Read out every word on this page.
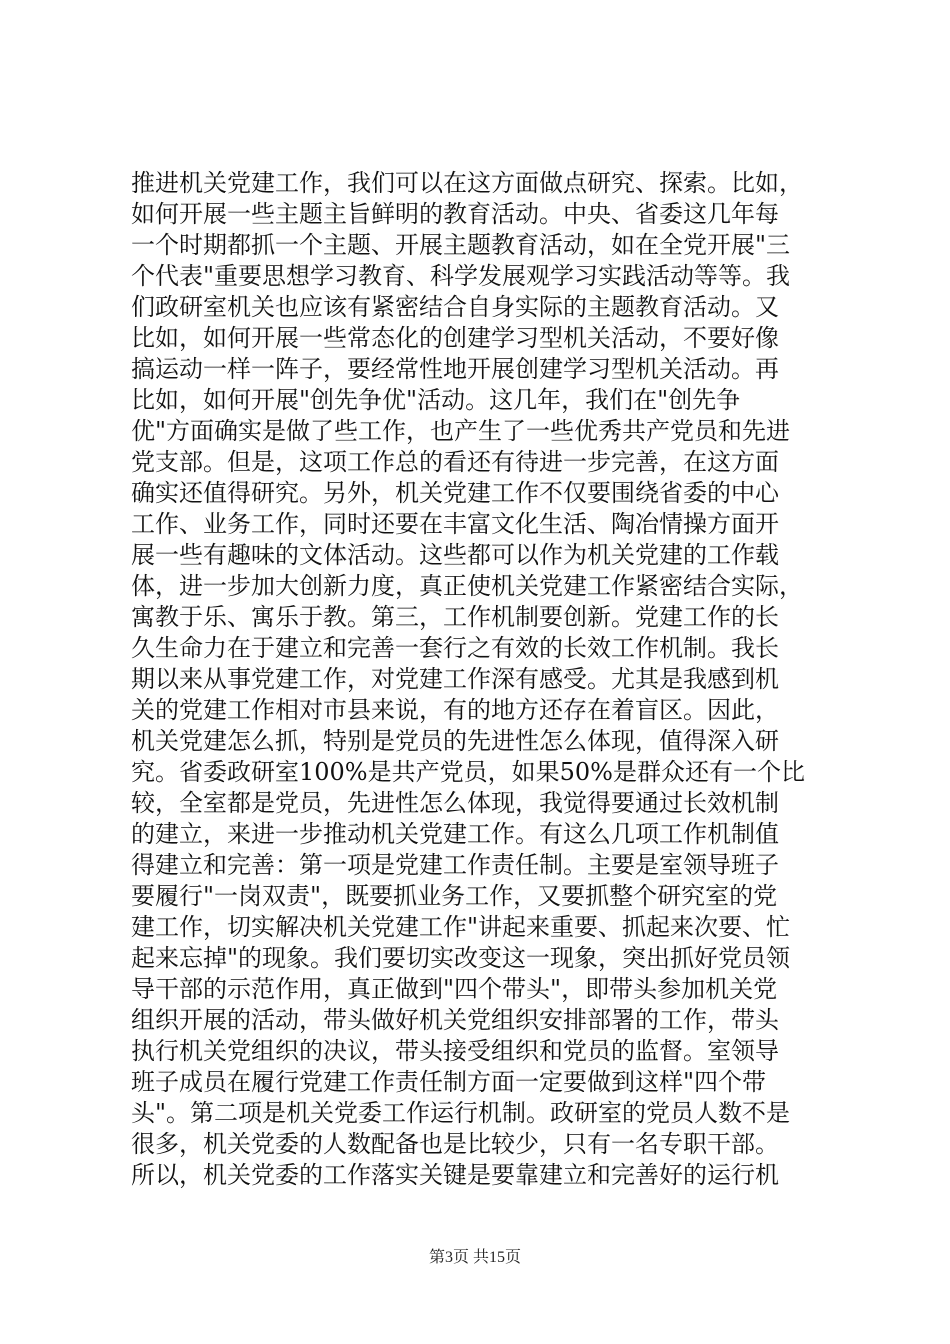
推进机关党建工作，我们可以在这方面做点研究、探索。比如，
如何开展一些主题主旨鲜明的教育活动。中央、省委这几年每
一个时期都抓一个主题、开展主题教育活动，如在全党开展"三
个代表"重要思想学习教育、科学发展观学习实践活动等等。我
们政研室机关也应该有紧密结合自身实际的主题教育活动。又
比如，如何开展一些常态化的创建学习型机关活动，不要好像
搞运动一样一阵子，要经常性地开展创建学习型机关活动。再
比如，如何开展"创先争优"活动。这几年，我们在"创先争
优"方面确实是做了些工作，也产生了一些优秀共产党员和先进
党支部。但是，这项工作总的看还有待进一步完善，在这方面
确实还值得研究。另外，机关党建工作不仅要围绕省委的中心
工作、业务工作，同时还要在丰富文化生活、陶冶情操方面开
展一些有趣味的文体活动。这些都可以作为机关党建的工作载
体，进一步加大创新力度，真正使机关党建工作紧密结合实际，
寓教于乐、寓乐于教。第三，工作机制要创新。党建工作的长
久生命力在于建立和完善一套行之有效的长效工作机制。我长
期以来从事党建工作，对党建工作深有感受。尤其是我感到机
关的党建工作相对市县来说，有的地方还存在着盲区。因此，
机关党建怎么抓，特别是党员的先进性怎么体现，值得深入研
究。省委政研室100%是共产党员，如果50%是群众还有一个比
较，全室都是党员，先进性怎么体现，我觉得要通过长效机制
的建立，来进一步推动机关党建工作。有这么几项工作机制值
得建立和完善：第一项是党建工作责任制。主要是室领导班子
要履行"一岗双责"，既要抓业务工作，又要抓整个研究室的党
建工作，切实解决机关党建工作"讲起来重要、抓起来次要、忙
起来忘掉"的现象。我们要切实改变这一现象，突出抓好党员领
导干部的示范作用，真正做到"四个带头"，即带头参加机关党
组织开展的活动，带头做好机关党组织安排部署的工作，带头
执行机关党组织的决议，带头接受组织和党员的监督。室领导
班子成员在履行党建工作责任制方面一定要做到这样"四个带
头"。第二项是机关党委工作运行机制。政研室的党员人数不是
很多，机关党委的人数配备也是比较少，只有一名专职干部。
所以，机关党委的工作落实关键是要靠建立和完善好的运行机
第3页 共15页
